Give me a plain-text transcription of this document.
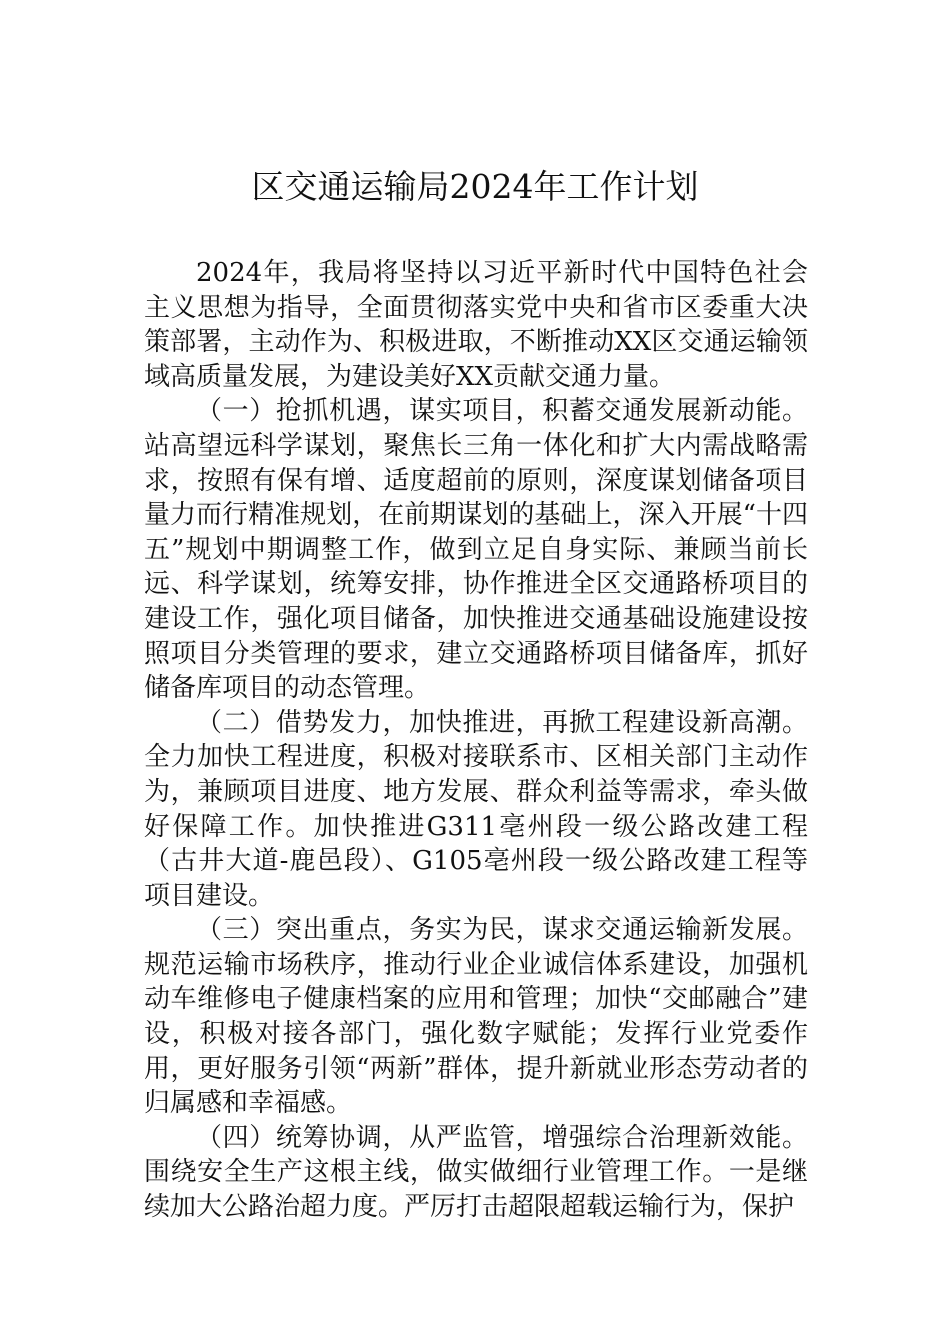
区交通运输局2024年工作计划

2024年，我局将坚持以习近平新时代中国特色社会主义思想为指导，全面贯彻落实党中央和省市区委重大决策部署，主动作为、积极进取，不断推动XX区交通运输领域高质量发展，为建设美好XX贡献交通力量。

（一）抢抓机遇，谋实项目，积蓄交通发展新动能。站高望远科学谋划，聚焦长三角一体化和扩大内需战略需求，按照有保有增、适度超前的原则，深度谋划储备项目量力而行精准规划，在前期谋划的基础上，深入开展“十四五”规划中期调整工作，做到立足自身实际、兼顾当前长远、科学谋划，统筹安排，协作推进全区交通路桥项目的建设工作，强化项目储备，加快推进交通基础设施建设按照项目分类管理的要求，建立交通路桥项目储备库，抓好储备库项目的动态管理。

（二）借势发力，加快推进，再掀工程建设新高潮。全力加快工程进度，积极对接联系市、区相关部门主动作为，兼顾项目进度、地方发展、群众利益等需求，牵头做好保障工作。加快推进G311亳州段一级公路改建工程（古井大道-鹿邑段）、G105亳州段一级公路改建工程等项目建设。

（三）突出重点，务实为民，谋求交通运输新发展。规范运输市场秩序，推动行业企业诚信体系建设，加强机动车维修电子健康档案的应用和管理；加快“交邮融合”建设，积极对接各部门，强化数字赋能；发挥行业党委作用，更好服务引领“两新”群体，提升新就业形态劳动者的归属感和幸福感。

（四）统筹协调，从严监管，增强综合治理新效能。围绕安全生产这根主线，做实做细行业管理工作。一是继续加大公路治超力度。严厉打击超限超载运输行为，保护
